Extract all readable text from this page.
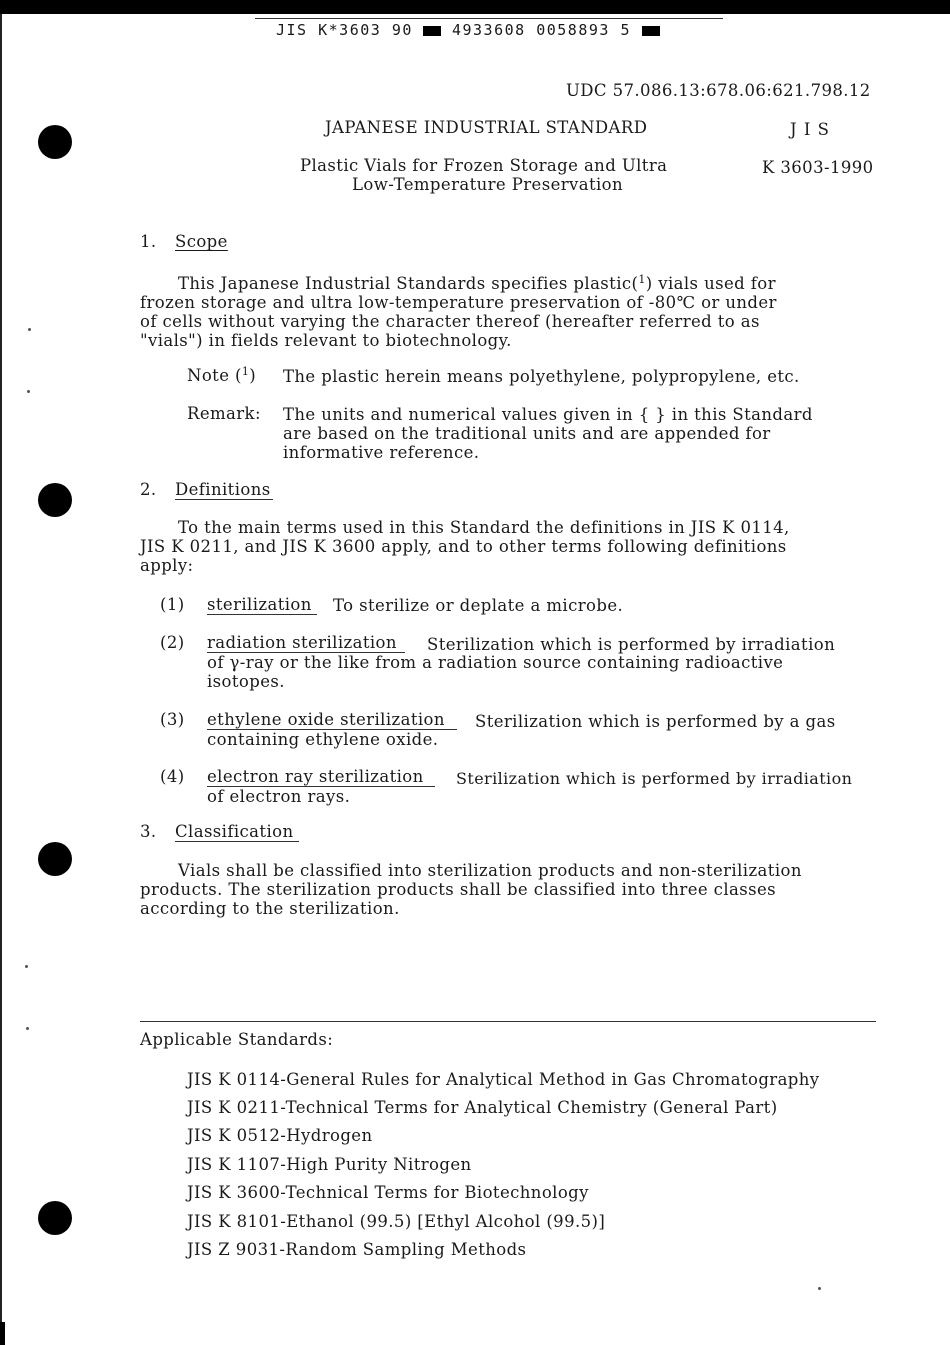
JIS K*3603 90	4933608 0058893 5
UDC 57.086.13:678.06:621.798.12
JAPANESE INDUSTRIAL STANDARD	J I S
Plastic Vials for Frozen Storage and Ultra
Low-Temperature Preservation
K 3603-1990
1. Scope
This Japanese Industrial Standards specifies plastic($^1$) vials used for
frozen storage and ultra low-temperature preservation of -80℃ or under
of cells without varying the character thereof (hereafter referred to as
"vials") in fields relevant to biotechnology.
Note ($^1$) The plastic herein means polyethylene, polypropylene, etc.
Remark: The units and numerical values given in { } in this Standard
are based on the traditional units and are appended for
informative reference.
2. Definitions
To the main terms used in this Standard the definitions in JIS K 0114,
JIS K 0211, and JIS K 3600 apply, and to other terms following definitions
apply:
(1) sterilization To sterilize or deplate a microbe.
(2) radiation sterilization Sterilization which is performed by irradiation
of γ-ray or the like from a radiation source containing radioactive
isotopes.
(3) ethylene oxide sterilization Sterilization which is performed by a gas
containing ethylene oxide.
(4) electron ray sterilization Sterilization which is performed by irradiation
of electron rays.
3. Classification
Vials shall be classified into sterilization products and non-sterilization
products. The sterilization products shall be classified into three classes
according to the sterilization.
Applicable Standards:
JIS K 0114-General Rules for Analytical Method in Gas Chromatography
JIS K 0211-Technical Terms for Analytical Chemistry (General Part)
JIS K 0512-Hydrogen
JIS K 1107-High Purity Nitrogen
JIS K 3600-Technical Terms for Biotechnology
JIS K 8101-Ethanol (99.5) [Ethyl Alcohol (99.5)]
JIS Z 9031-Random Sampling Methods
